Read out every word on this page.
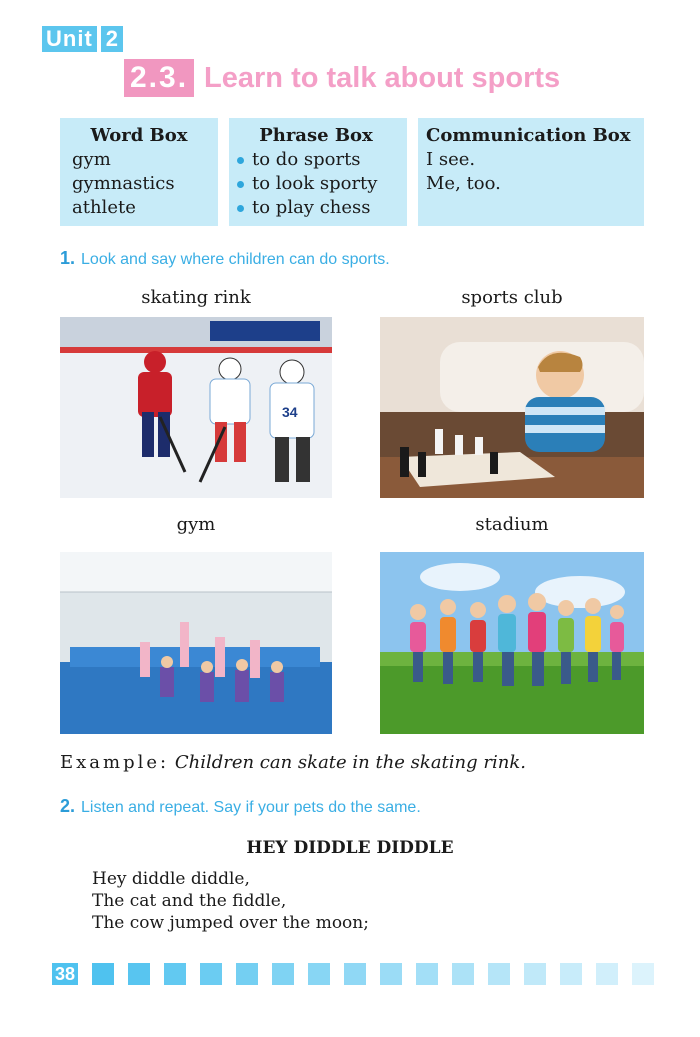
Unit 2
2.3. Learn to talk about sports
Word Box
gym
gymnastics
athlete
Phrase Box
to do sports
to look sporty
to play chess
Communication Box
I see.
Me, too.
1. Look and say where children can do sports.
skating rink	sports club
gym	stadium
34
Example: Children can skate in the skating rink.
2. Listen and repeat. Say if your pets do the same.
HEY DIDDLE DIDDLE
Hey diddle diddle,
The cat and the fiddle,
The cow jumped over the moon;
38
